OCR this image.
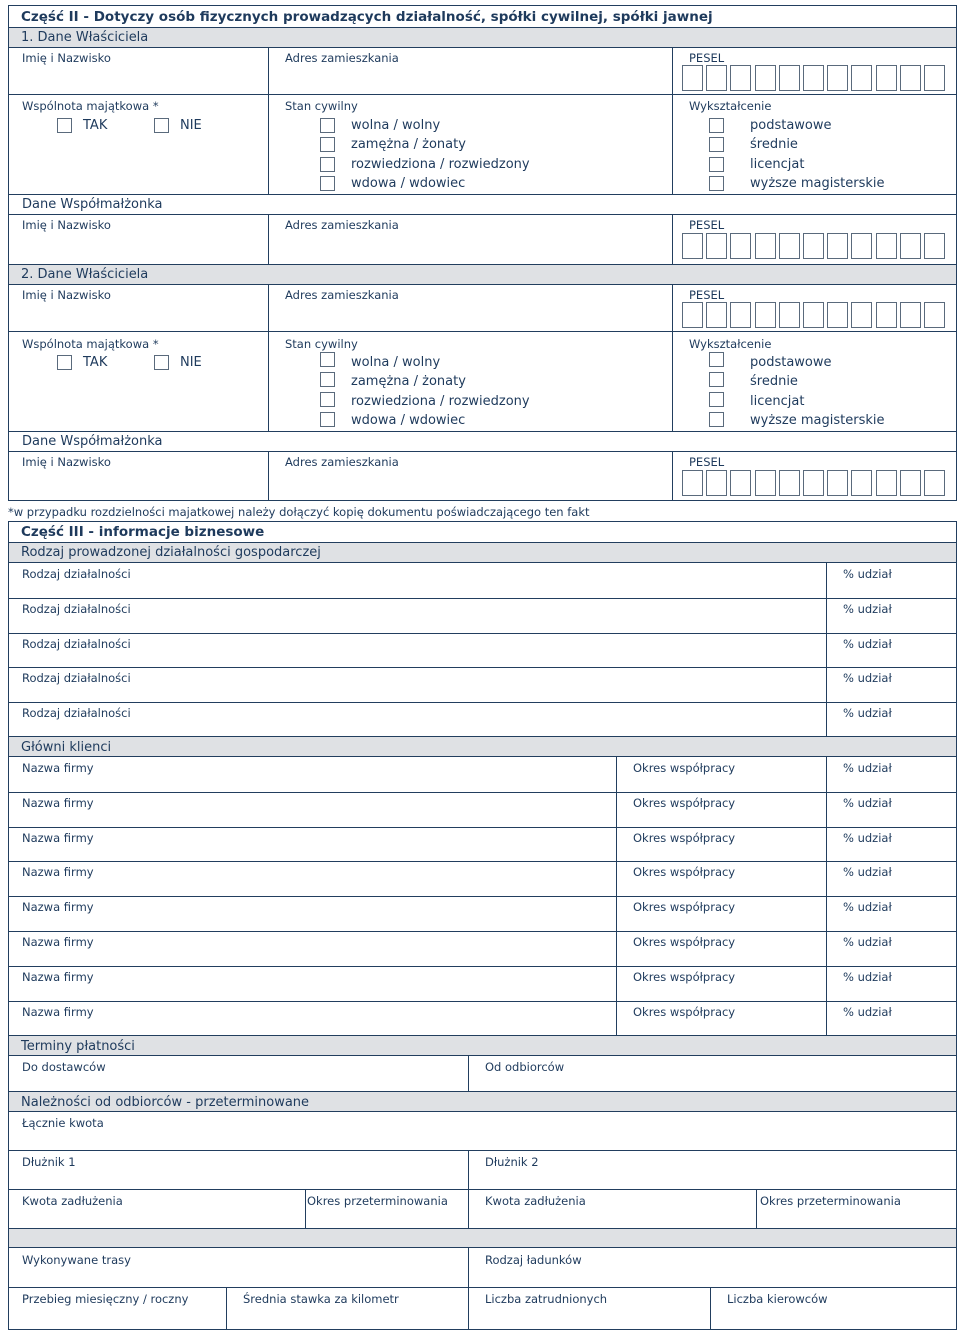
Część II - Dotyczy osób fizycznych prowadzących działalność, spółki cywilnej, spółki jawnej
1. Dane Właściciela
Imię i Nazwisko	Adres zamieszkania	PESEL
Wspólnota majątkowa *
TAK	NIE
Stan cywilny
wolna / wolny
zamężna / żonaty
rozwiedziona / rozwiedzony
wdowa / wdowiec
Wykształcenie
podstawowe
średnie
licencjat
wyższe magisterskie
Dane Współmałżonka
Imię i Nazwisko	Adres zamieszkania	PESEL
2. Dane Właściciela
Imię i Nazwisko	Adres zamieszkania	PESEL
Wspólnota majątkowa *
TAK	NIE
Stan cywilny
wolna / wolny
zamężna / żonaty
rozwiedziona / rozwiedzony
wdowa / wdowiec
Wykształcenie
podstawowe
średnie
licencjat
wyższe magisterskie
Dane Współmałżonka
Imię i Nazwisko	Adres zamieszkania	PESEL
*w przypadku rozdzielności majatkowej należy dołączyć kopię dokumentu poświadczającego ten fakt
Część III - informacje biznesowe
Rodzaj prowadzonej działalności gospodarczej
Główni klienci
Terminy płatności
Do dostawców	Od odbiorców
Należności od odbiorców - przeterminowane
Łącznie kwota
Dłużnik 1	Dłużnik 2
Kwota zadłużenia	Okres przeterminowania	Kwota zadłużenia	Okres przeterminowania
Wykonywane trasy	Rodzaj ładunków
Przebieg miesięczny / roczny	Średnia stawka za kilometr	Liczba zatrudnionych	Liczba kierowców
Rodzaj działalności	% udział
Rodzaj działalności	% udział
Rodzaj działalności	% udział
Rodzaj działalności	% udział
Rodzaj działalności	% udział
Nazwa firmy	Okres współpracy	% udział
Nazwa firmy	Okres współpracy	% udział
Nazwa firmy	Okres współpracy	% udział
Nazwa firmy	Okres współpracy	% udział
Nazwa firmy	Okres współpracy	% udział
Nazwa firmy	Okres współpracy	% udział
Nazwa firmy	Okres współpracy	% udział
Nazwa firmy	Okres współpracy	% udział
